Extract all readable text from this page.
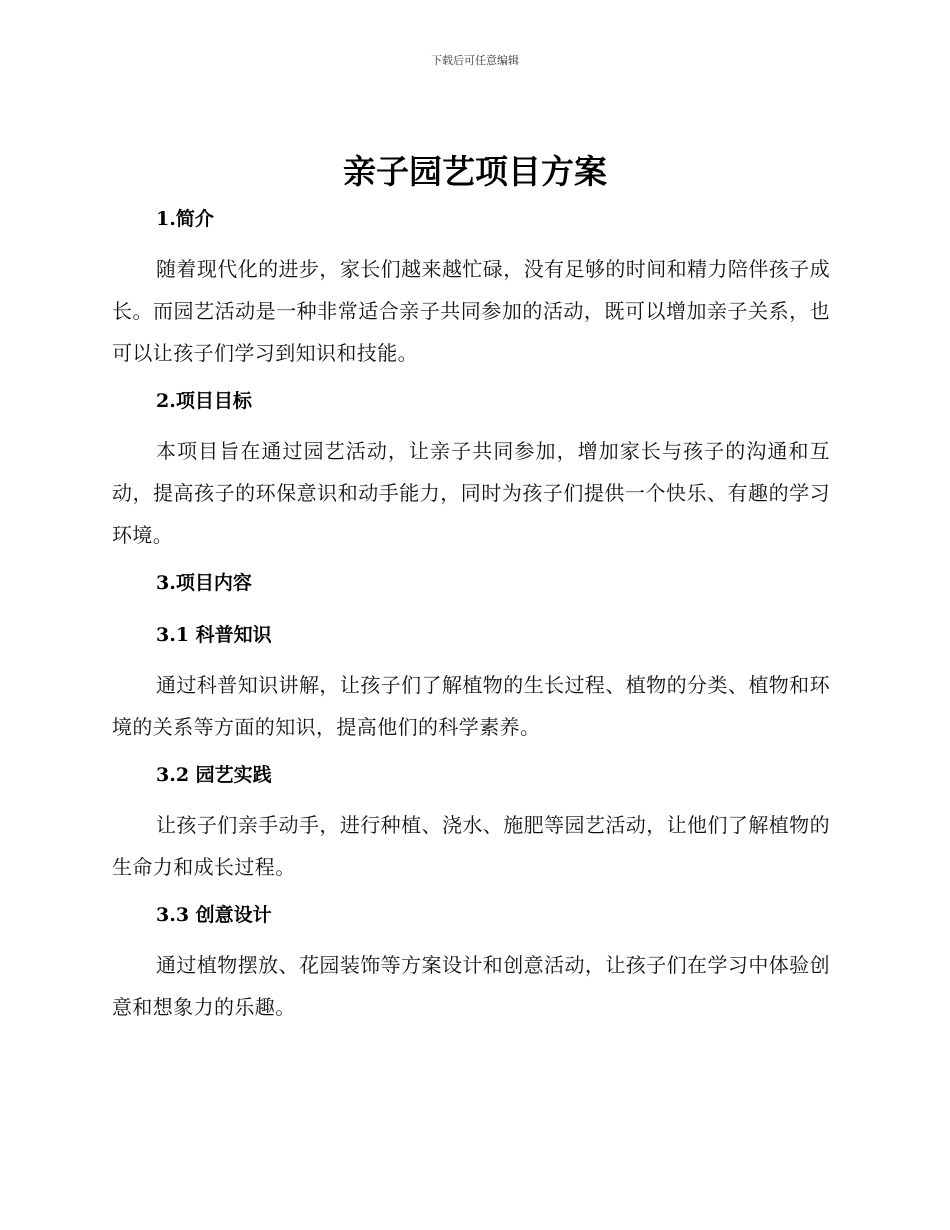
下载后可任意编辑
亲子园艺项目方案
1.简介

随着现代化的进步，家长们越来越忙碌，没有足够的时间和精力陪伴孩子成长。而园艺活动是一种非常适合亲子共同参加的活动，既可以增加亲子关系，也可以让孩子们学习到知识和技能。

2.项目目标

本项目旨在通过园艺活动，让亲子共同参加，增加家长与孩子的沟通和互动，提高孩子的环保意识和动手能力，同时为孩子们提供一个快乐、有趣的学习环境。

3.项目内容
3.1 科普知识

通过科普知识讲解，让孩子们了解植物的生长过程、植物的分类、植物和环境的关系等方面的知识，提高他们的科学素养。

3.2 园艺实践

让孩子们亲手动手，进行种植、浇水、施肥等园艺活动，让他们了解植物的生命力和成长过程。

3.3 创意设计

通过植物摆放、花园装饰等方案设计和创意活动，让孩子们在学习中体验创意和想象力的乐趣。
